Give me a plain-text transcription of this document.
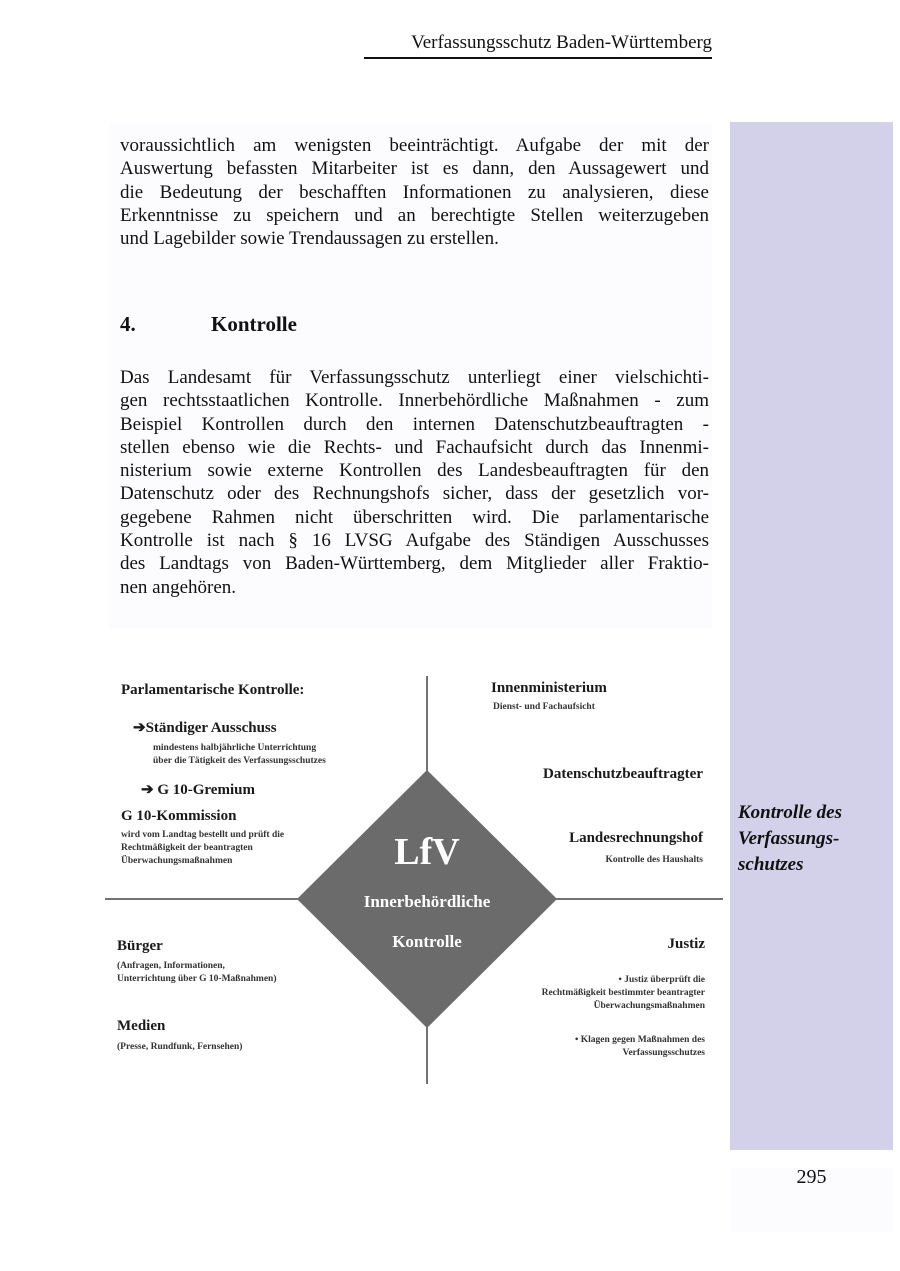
Verfassungsschutz Baden-Württemberg
voraussichtlich am wenigsten beeinträchtigt. Aufgabe der mit der
Auswertung befassten Mitarbeiter ist es dann, den Aussagewert und
die Bedeutung der beschafften Informationen zu analysieren, diese
Erkenntnisse zu speichern und an berechtigte Stellen weiterzugeben
und Lagebilder sowie Trendaussagen zu erstellen.
4.	Kontrolle
Das Landesamt für Verfassungsschutz unterliegt einer vielschichti-
gen rechtsstaatlichen Kontrolle. Innerbehördliche Maßnahmen - zum
Beispiel Kontrollen durch den internen Datenschutzbeauftragten -
stellen ebenso wie die Rechts- und Fachaufsicht durch das Innenmi-
nisterium sowie externe Kontrollen des Landesbeauftragten für den
Datenschutz oder des Rechnungshofs sicher, dass der gesetzlich vor-
gegebene Rahmen nicht überschritten wird. Die parlamentarische
Kontrolle ist nach § 16 LVSG Aufgabe des Ständigen Ausschusses
des Landtags von Baden-Württemberg, dem Mitglieder aller Fraktio-
nen angehören.
Parlamentarische Kontrolle:
➔Ständiger Ausschuss
mindestens halbjährliche Unterrichtung
über die Tätigkeit des Verfassungsschutzes
➔ G 10-Gremium
G 10-Kommission
wird vom Landtag bestellt und prüft die
Rechtmäßigkeit der beantragten
Überwachungsmaßnahmen
Innenministerium
Dienst- und Fachaufsicht
Datenschutzbeauftragter
Landesrechnungshof
Kontrolle des Haushalts
Bürger
(Anfragen, Informationen,
Unterrichtung über G 10-Maßnahmen)
Medien
(Presse, Rundfunk, Fernsehen)
Justiz
• Justiz überprüft die
Rechtmäßigkeit bestimmter beantragter
Überwachungsmaßnahmen
• Klagen gegen Maßnahmen des
Verfassungsschutzes
LfV
Innerbehördliche
Kontrolle
Kontrolle des
Verfassungs-
schutzes
295
